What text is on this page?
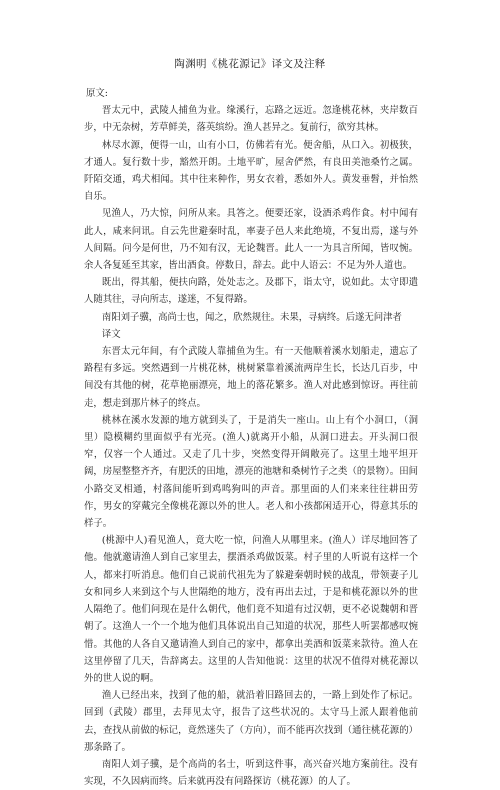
陶渊明《桃花源记》译文及注释

原文:

晋太元中，武陵人捕鱼为业。缘溪行，忘路之远近。忽逢桃花林，夹岸数百步，中无杂树，芳草鲜美，落英缤纷。渔人甚异之。复前行，欲穷其林。

林尽水源，便得一山，山有小口，仿佛若有光。便舍船，从口入。初极狭，才通人。复行数十步，豁然开朗。土地平旷，屋舍俨然，有良田美池桑竹之属。阡陌交通，鸡犬相闻。其中往来种作，男女衣着，悉如外人。黄发垂髫，并怡然自乐。

见渔人，乃大惊，问所从来。具答之。便要还家，设酒杀鸡作食。村中闻有此人，咸来问讯。自云先世避秦时乱，率妻子邑人来此绝境，不复出焉，遂与外人间隔。问今是何世，乃不知有汉，无论魏晋。此人一一为具言所闻，皆叹惋。余人各复延至其家，皆出酒食。停数日，辞去。此中人语云：不足为外人道也。

既出，得其船，便扶向路，处处志之。及郡下，诣太守，说如此。太守即遣人随其往，寻向所志，遂迷，不复得路。

南阳刘子骥，高尚士也，闻之，欣然规往。未果，寻病终。后遂无问津者

译文

东晋太元年间，有个武陵人靠捕鱼为生。有一天他顺着溪水划船走，遗忘了路程有多远。突然遇到一片桃花林，桃树紧靠着溪流两岸生长，长达几百步，中间没有其他的树，花草艳丽漂亮，地上的落花繁多。渔人对此感到惊讶。再往前走，想走到那片林子的终点。

桃林在溪水发源的地方就到头了，于是消失一座山。山上有个小洞口，（洞里）隐模糊约里面似乎有光亮。(渔人)就离开小船，从洞口进去。开头洞口很窄，仅容一个人通过。又走了几十步，突然变得开阔敞亮了。这里土地平坦开阔，房屋整整齐齐，有肥沃的田地，漂亮的池塘和桑树竹子之类（的景物）。田间小路交叉相通，村落间能听到鸡鸣狗叫的声音。那里面的人们来来往往耕田劳作，男女的穿戴完全像桃花源以外的世人。老人和小孩都闲适开心，得意其乐的样子。

(桃源中人)看见渔人，竟大吃一惊，问渔人从哪里来。(渔人）详尽地回答了他。他就邀请渔人到自己家里去，摆酒杀鸡做饭菜。村子里的人听说有这样一个人，都来打听消息。他们自己说前代祖先为了躲避秦朝时候的战乱，带领妻子儿女和同乡人来到这个与人世隔绝的地方，没有再出去过，于是和桃花源以外的世人隔绝了。他们问现在是什么朝代，他们竟不知道有过汉朝，更不必说魏朝和晋朝了。这渔人一个一个地为他们具体说出自己知道的状况，那些人听罢都感叹惋惜。其他的人各自又邀请渔人到自己的家中，都拿出美酒和饭菜来款待。渔人在这里停留了几天，告辞离去。这里的人告知他说：这里的状况不值得对桃花源以外的世人说的啊。

渔人已经出来，找到了他的船，就沿着旧路回去的，一路上到处作了标记。回到（武陵）郡里，去拜见太守，报告了这些状况的。太守马上派人跟着他前去，查找从前做的标记，竟然迷失了（方向），而不能再次找到（通往桃花源的）那条路了。

南阳人刘子骥，是个高尚的名士，听到这件事，高兴奋兴地方案前往。没有实现，不久因病而终。后来就再没有问路探访（桃花源）的人了。
